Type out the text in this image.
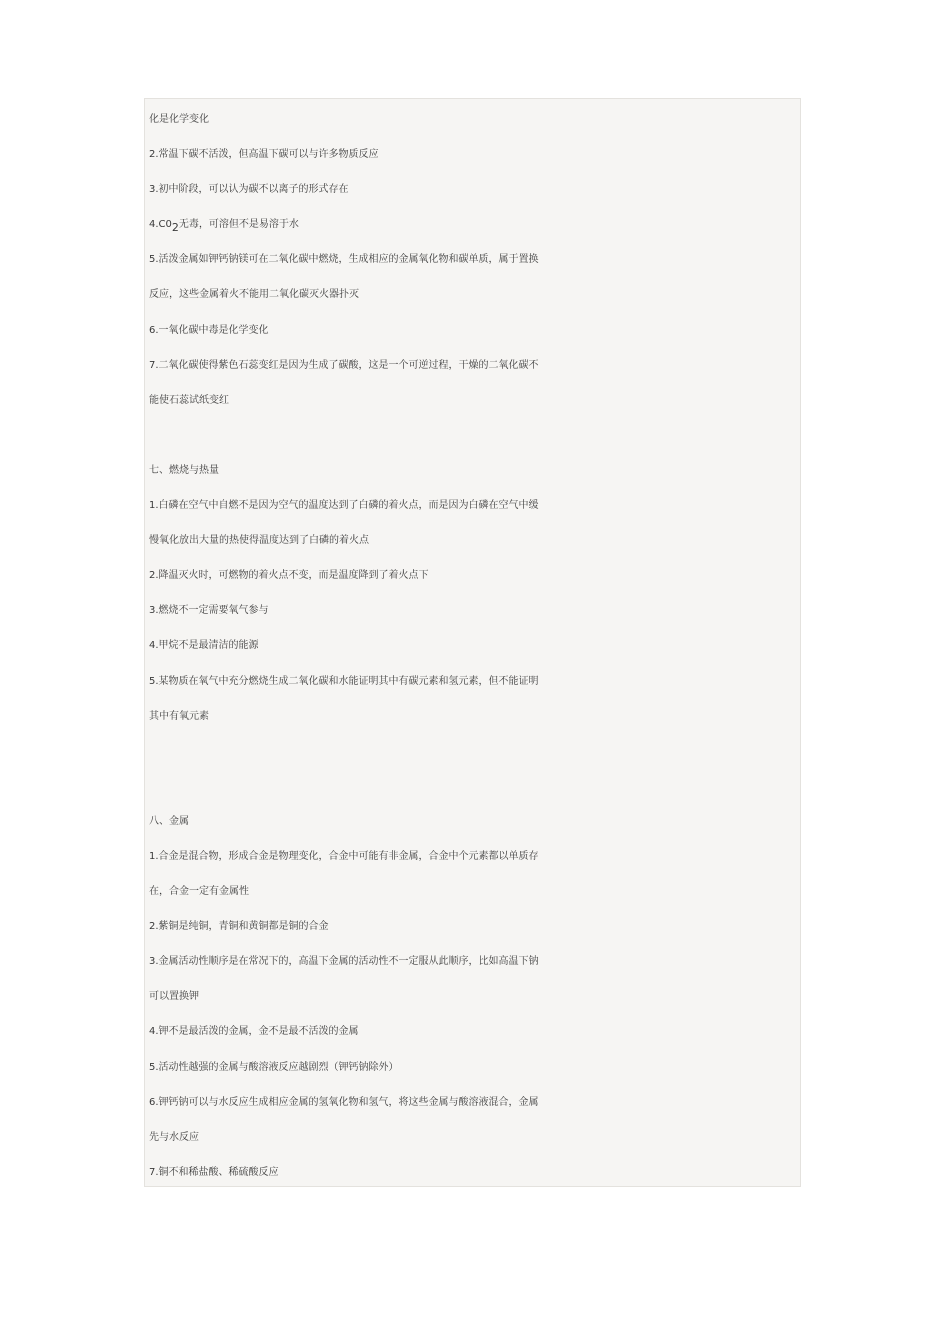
化是化学变化
2.常温下碳不活泼，但高温下碳可以与许多物质反应
3.初中阶段，可以认为碳不以离子的形式存在
$4.C0_2$无毒，可溶但不是易溶于水
5.活泼金属如钾钙钠镁可在二氧化碳中燃烧，生成相应的金属氧化物和碳单质，属于置换
反应，这些金属着火不能用二氧化碳灭火器扑灭
6.一氧化碳中毒是化学变化
7.二氧化碳使得紫色石蕊变红是因为生成了碳酸，这是一个可逆过程，干燥的二氧化碳不
能使石蕊试纸变红
七、燃烧与热量
1.白磷在空气中自燃不是因为空气的温度达到了白磷的着火点，而是因为白磷在空气中缓
慢氧化放出大量的热使得温度达到了白磷的着火点
2.降温灭火时，可燃物的着火点不变，而是温度降到了着火点下
3.燃烧不一定需要氧气参与
4.甲烷不是最清洁的能源
5.某物质在氧气中充分燃烧生成二氧化碳和水能证明其中有碳元素和氢元素，但不能证明
其中有氧元素
八、金属
1.合金是混合物，形成合金是物理变化，合金中可能有非金属，合金中个元素都以单质存
在，合金一定有金属性
2.紫铜是纯铜，青铜和黄铜都是铜的合金
3.金属活动性顺序是在常况下的，高温下金属的活动性不一定服从此顺序，比如高温下钠
可以置换钾
4.钾不是最活泼的金属，金不是最不活泼的金属
5.活动性越强的金属与酸溶液反应越剧烈（钾钙钠除外）
6.钾钙钠可以与水反应生成相应金属的氢氧化物和氢气，将这些金属与酸溶液混合，金属
先与水反应
7.铜不和稀盐酸、稀硫酸反应
